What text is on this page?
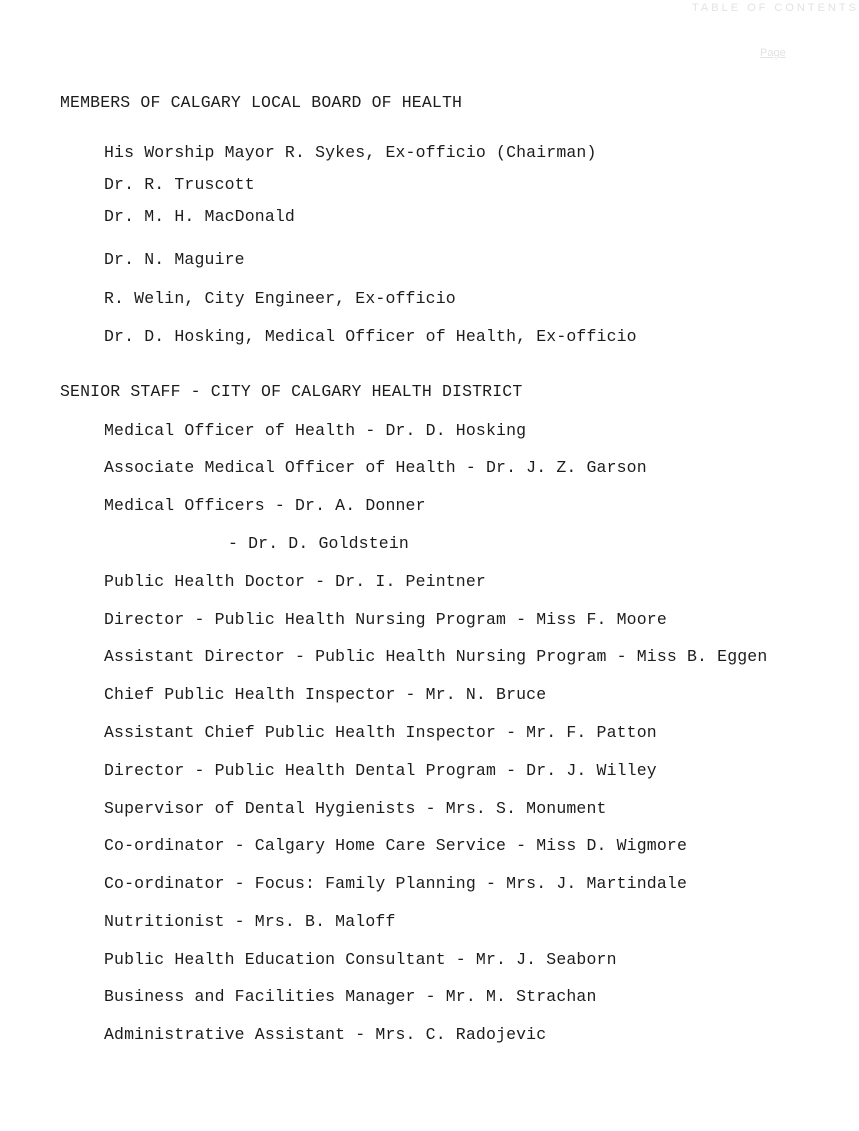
TABLE OF CONTENTS
Page
MEMBERS OF CALGARY LOCAL BOARD OF HEALTH
His Worship Mayor R. Sykes, Ex-officio (Chairman)
Dr. R. Truscott
Dr. M. H. MacDonald
Dr. N. Maguire
R. Welin, City Engineer, Ex-officio
Dr. D. Hosking, Medical Officer of Health, Ex-officio
SENIOR STAFF - CITY OF CALGARY HEALTH DISTRICT
Medical Officer of Health - Dr. D. Hosking
Associate Medical Officer of Health - Dr. J. Z. Garson
Medical Officers - Dr. A. Donner
- Dr. D. Goldstein
Public Health Doctor - Dr. I. Peintner
Director - Public Health Nursing Program - Miss F. Moore
Assistant Director - Public Health Nursing Program - Miss B. Eggen
Chief Public Health Inspector - Mr. N. Bruce
Assistant Chief Public Health Inspector - Mr. F. Patton
Director - Public Health Dental Program - Dr. J. Willey
Supervisor of Dental Hygienists - Mrs. S. Monument
Co-ordinator - Calgary Home Care Service - Miss D. Wigmore
Co-ordinator - Focus: Family Planning - Mrs. J. Martindale
Nutritionist - Mrs. B. Maloff
Public Health Education Consultant - Mr. J. Seaborn
Business and Facilities Manager - Mr. M. Strachan
Administrative Assistant - Mrs. C. Radojevic
